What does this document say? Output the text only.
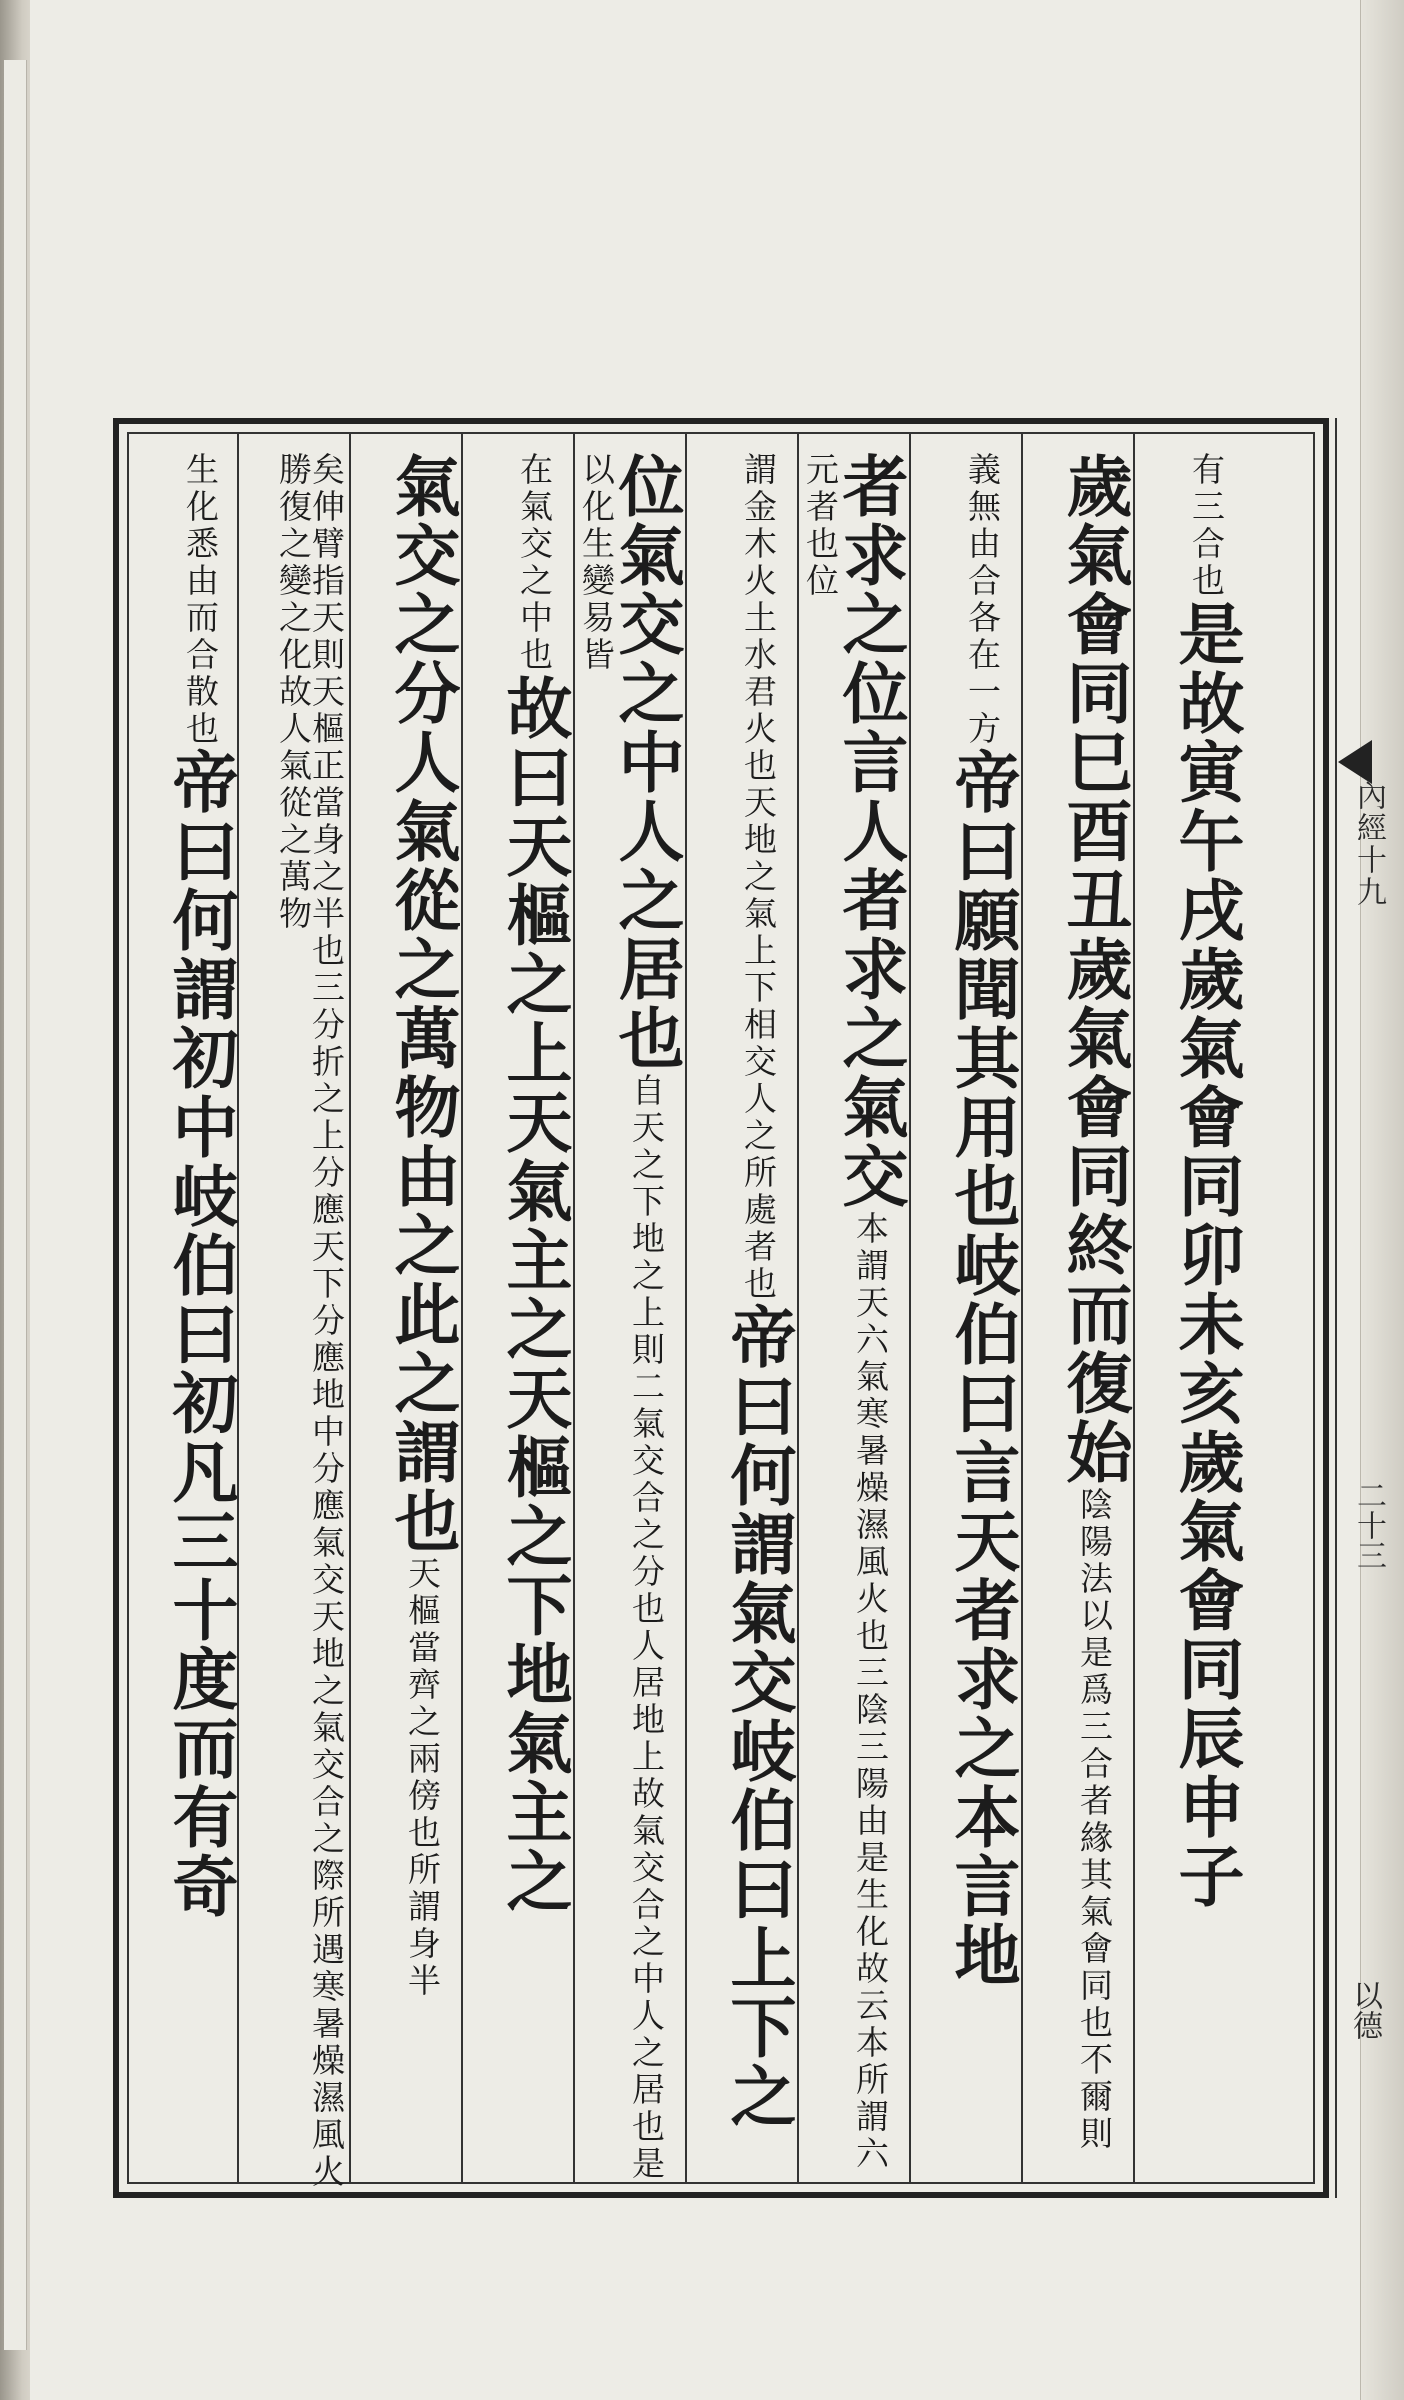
有三合也是故寅午戌歲氣會同卯未亥歲氣會同辰申子
歲氣會同巳酉丑歲氣會同終而復始陰陽法以是爲三合者緣其氣會同也不爾則
義無由合各在一方帝曰願聞其用也岐伯曰言天者求之本言地
者求之位言人者求之氣交本謂天六氣寒暑燥濕風火也三陰三陽由是生化故云本所謂六元者也位
謂金木火土水君火也天地之氣上下相交人之所處者也帝曰何謂氣交岐伯曰上下之
位氣交之中人之居也自天之下地之上則二氣交合之分也人居地上故氣交合之中人之居也是以化生變易皆
在氣交之中也故曰天樞之上天氣主之天樞之下地氣主之
氣交之分人氣從之萬物由之此之謂也天樞當齊之兩傍也所謂身半
矣伸臂指天則天樞正當身之半也三分折之上分應天下分應地中分應氣交天地之氣交合之際所遇寒暑燥濕風火勝復之變之化故人氣從之萬物
生化悉由而合散也帝曰何謂初中岐伯曰初凡三十度而有奇	內經十九
二十三
以德
